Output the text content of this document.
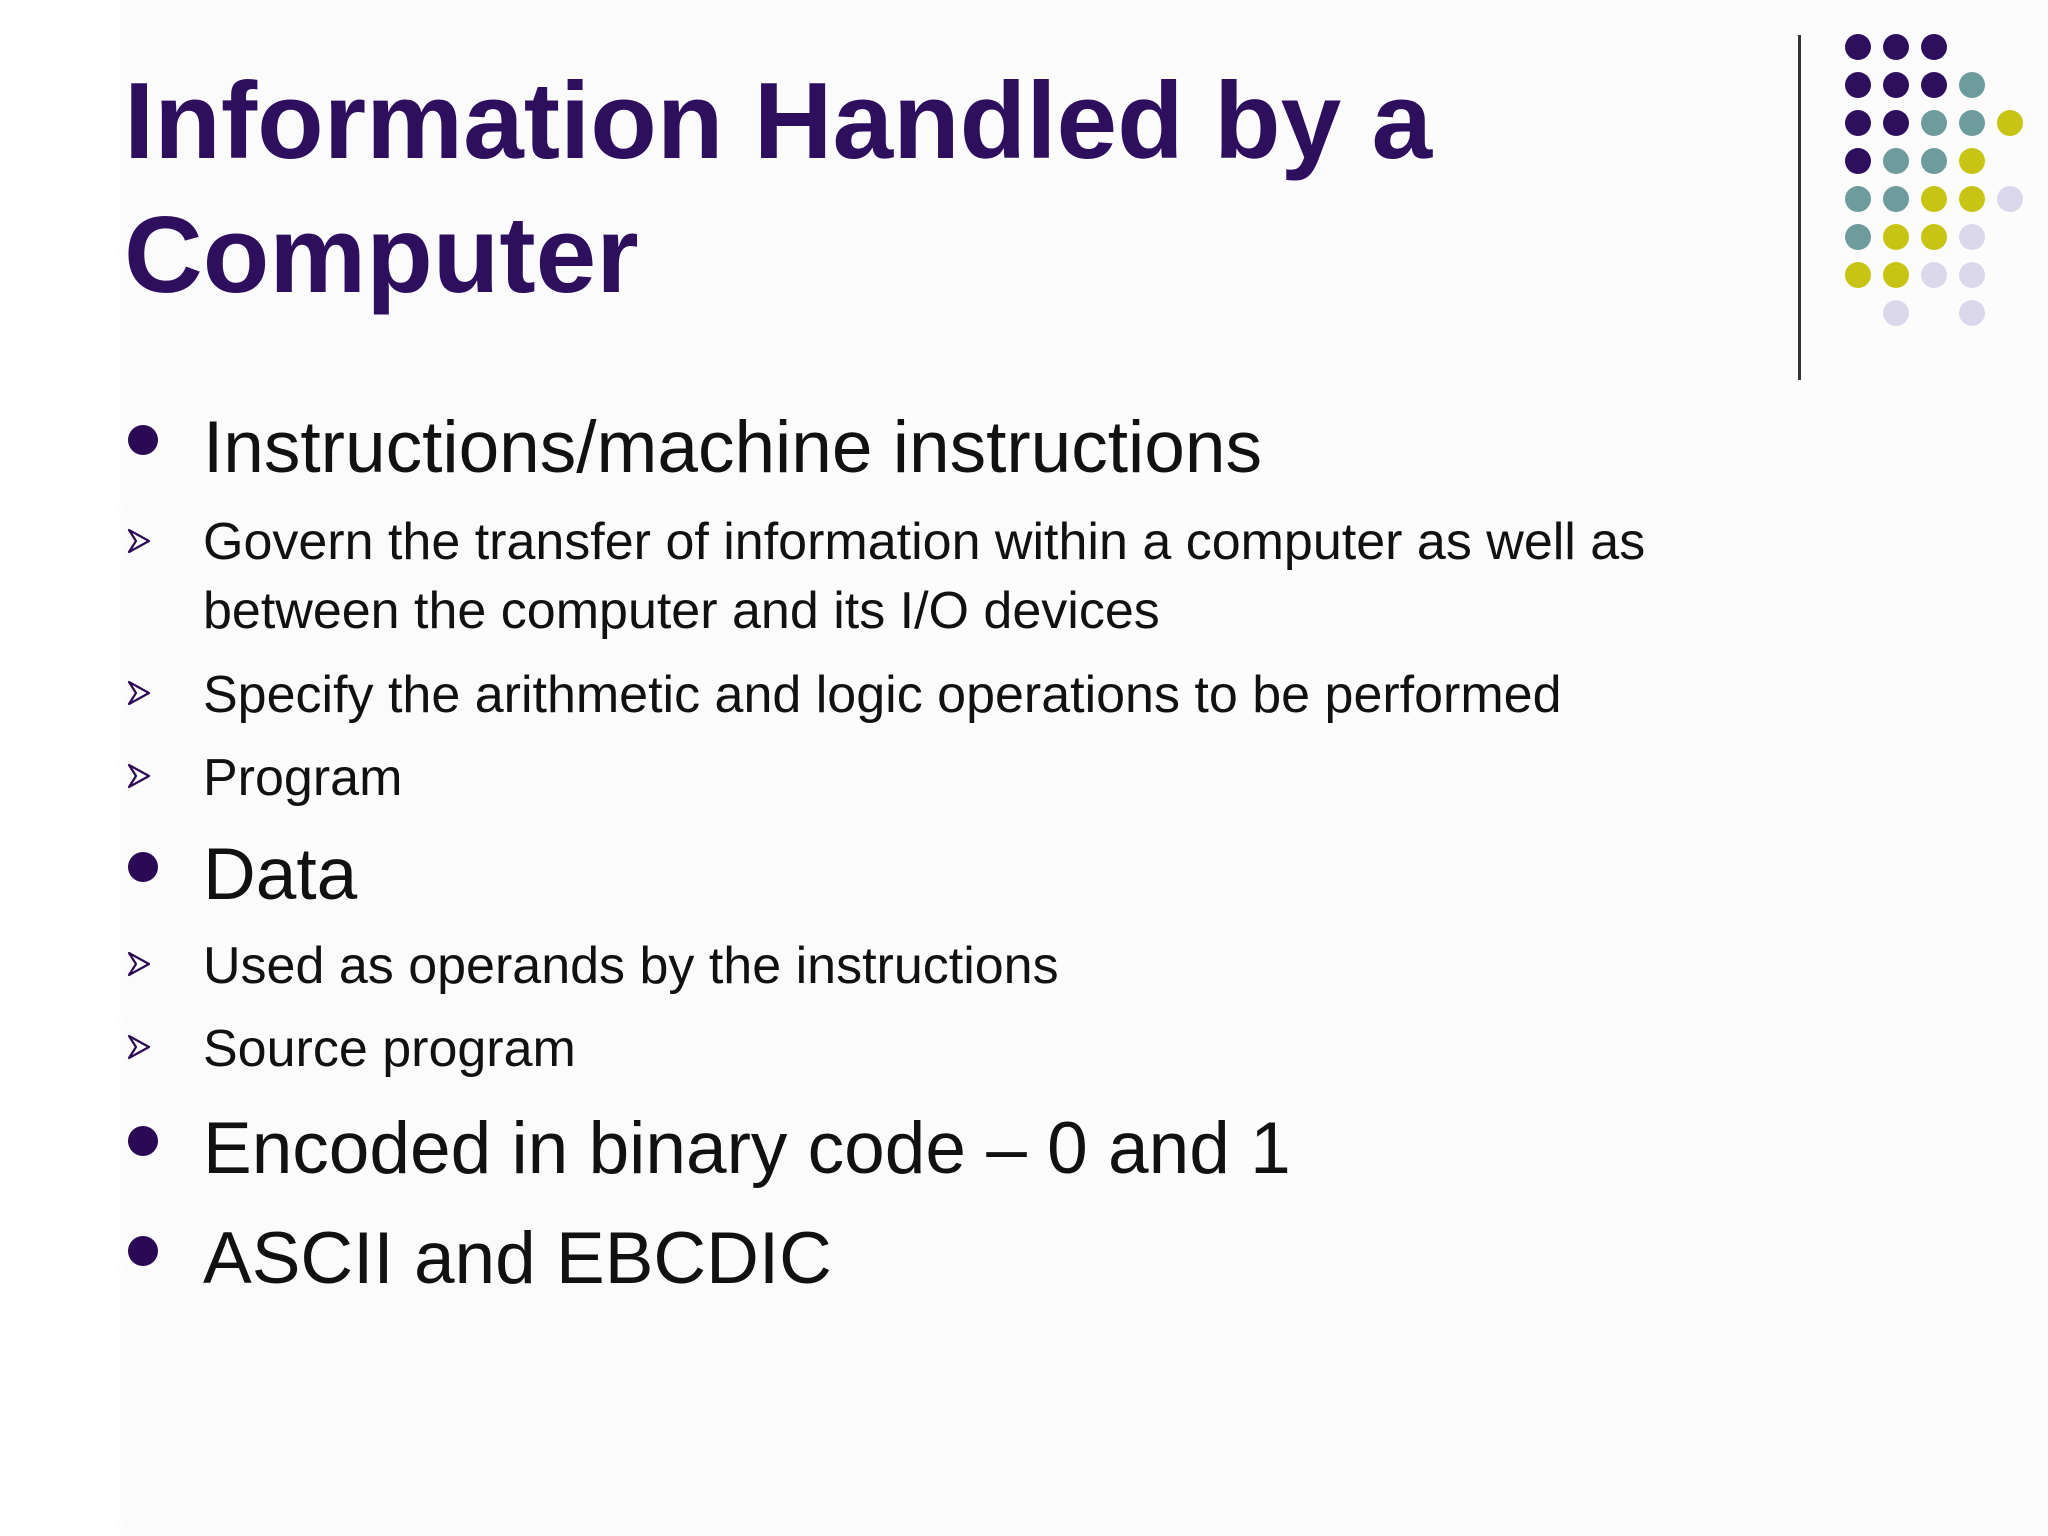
Information Handled by a Computer
Instructions/machine instructions
Govern the transfer of information within a computer as well as between the computer and its I/O devices
Specify the arithmetic and logic operations to be performed
Program
Data
Used as operands by the instructions
Source program
Encoded in binary code – 0 and 1
ASCII and EBCDIC
